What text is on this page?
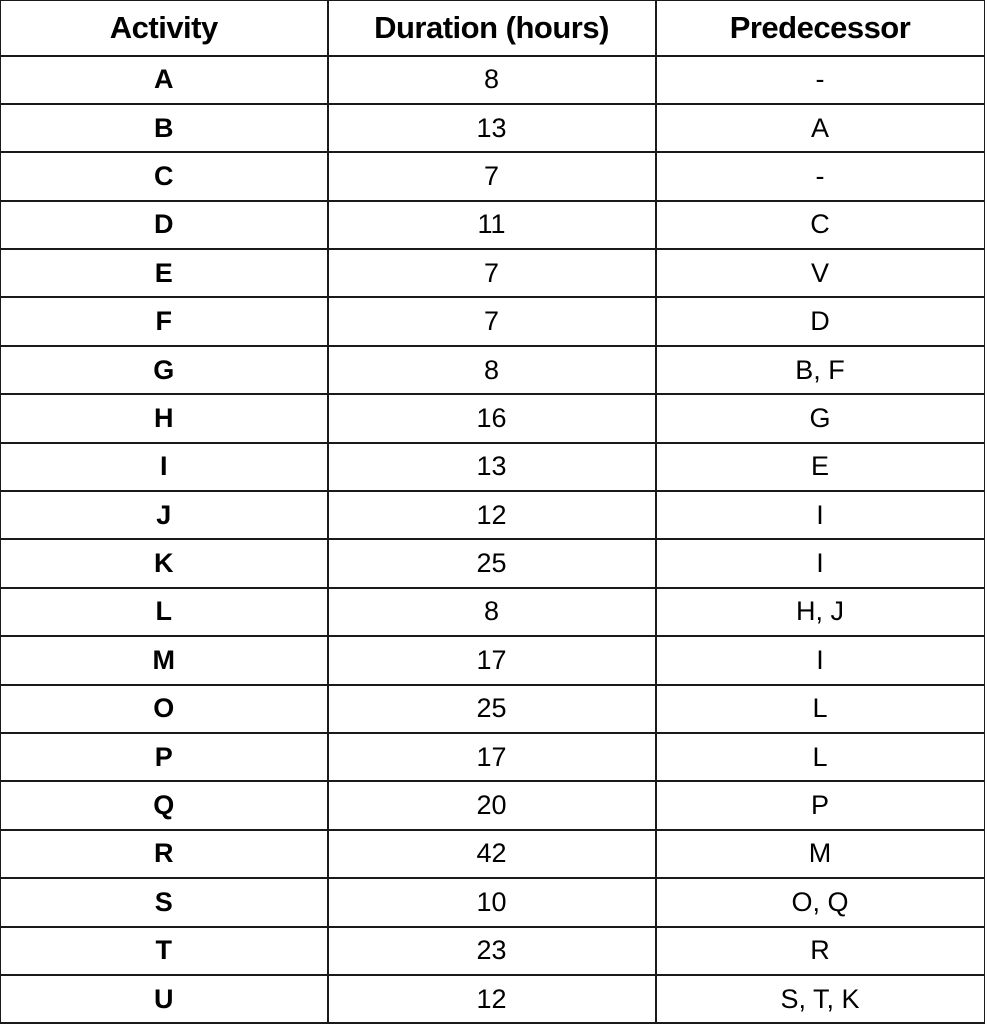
Activity	Duration (hours)	Predecessor
A	8	-
B	13	A
C	7	-
D	11	C
E	7	V
F	7	D
G	8	B, F
H	16	G
I	13	E
J	12	I
K	25	I
L	8	H, J
M	17	I
O	25	L
P	17	L
Q	20	P
R	42	M
S	10	O, Q
T	23	R
U	12	S, T, K
